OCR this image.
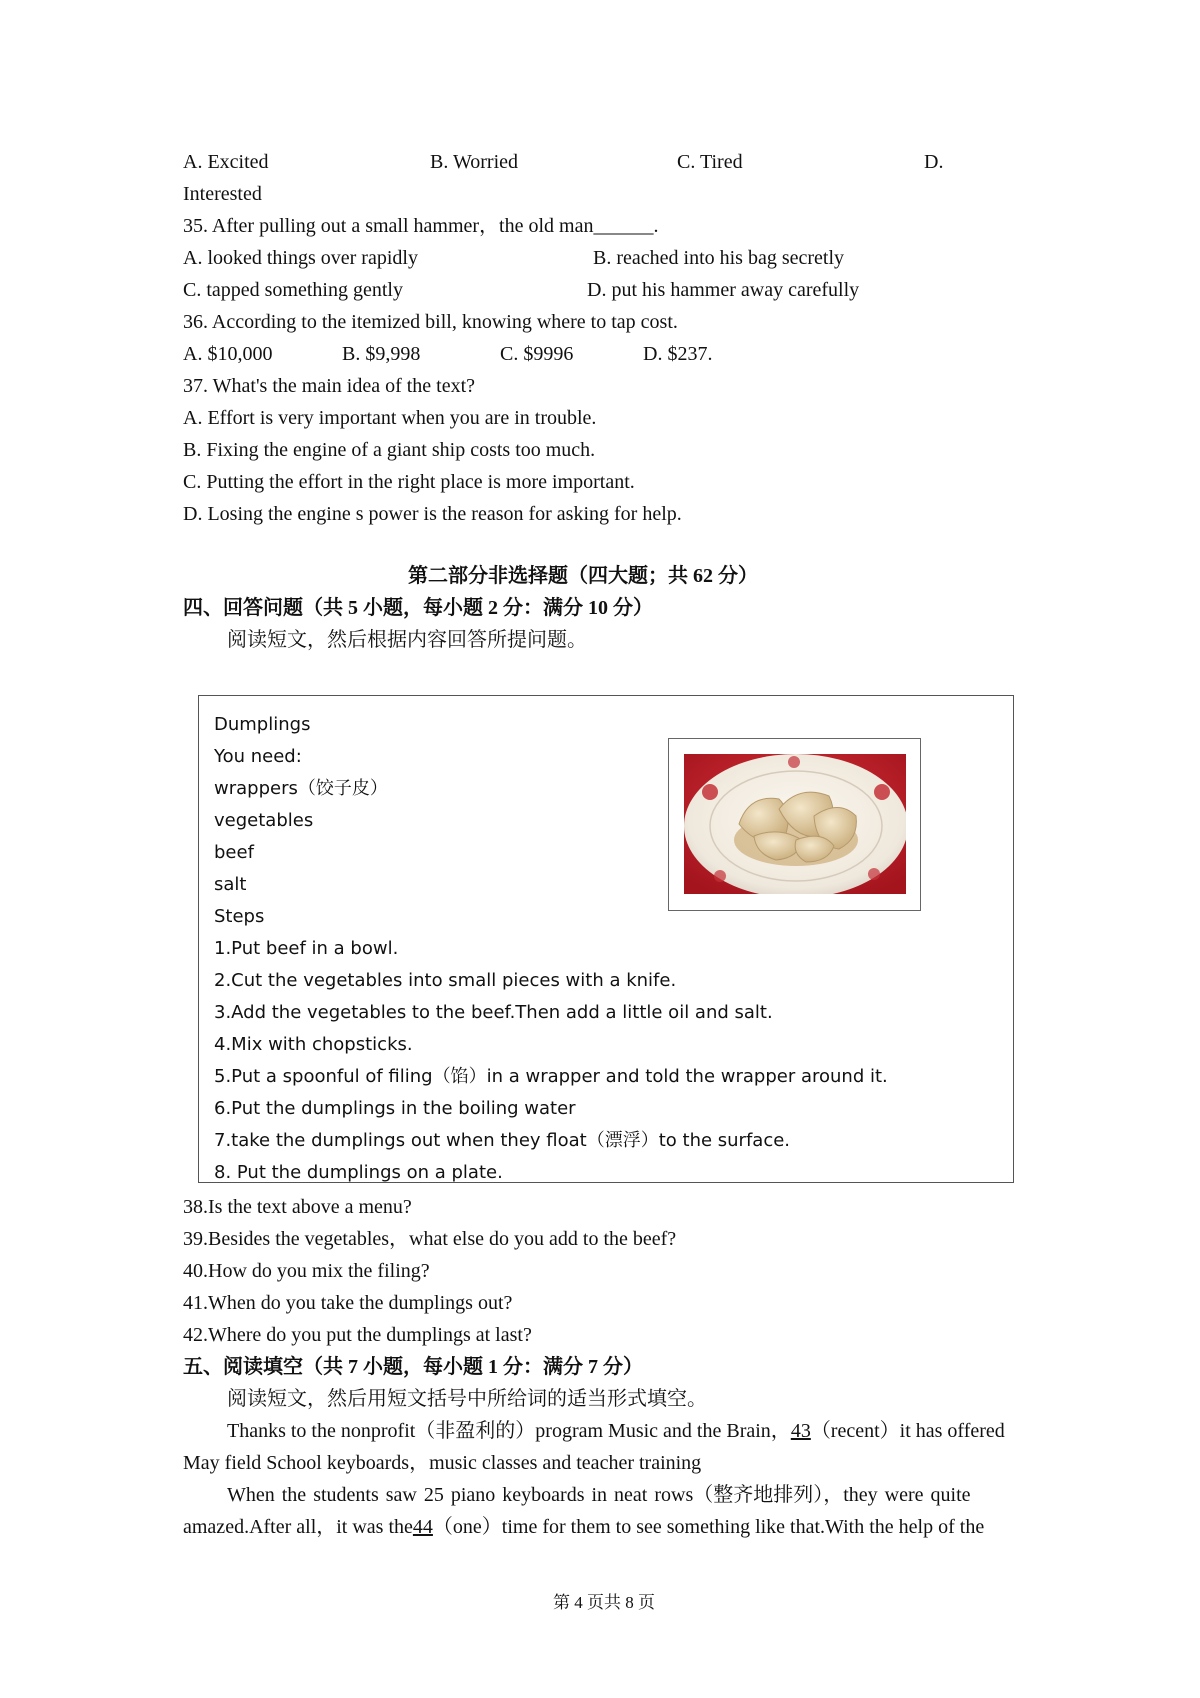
A. Excited	B. Worried	C. Tired	D.
Interested
35. After pulling out a small hammer，the old man______.
A. looked things over rapidly	B. reached into his bag secretly
C. tapped something gently	D. put his hammer away carefully
36. According to the itemized bill, knowing where to tap cost.
A. $10,000	B. $9,998	C. $9996	D. $237.
37. What's the main idea of the text?
A. Effort is very important when you are in trouble.
B. Fixing the engine of a giant ship costs too much.
C. Putting the effort in the right place is more important.
D. Losing the engine s power is the reason for asking for help.
第二部分非选择题（四大题；共 62 分）
四、回答问题（共 5 小题，每小题 2 分：满分 10 分）
阅读短文，然后根据内容回答所提问题。
Dumplings
You need:
wrappers（饺子皮）
vegetables
beef
salt
Steps
1.Put beef in a bowl.
2.Cut the vegetables into small pieces with a knife.
3.Add the vegetables to the beef.Then add a little oil and salt.
4.Mix with chopsticks.
5.Put a spoonful of filing（馅）in a wrapper and told the wrapper around it.
6.Put the dumplings in the boiling water
7.take the dumplings out when they float（漂浮）to the surface.
8. Put the dumplings on a plate.
38.Is the text above a menu?
39.Besides the vegetables，what else do you add to the beef?
40.How do you mix the filing?
41.When do you take the dumplings out?
42.Where do you put the dumplings at last?
五、阅读填空（共 7 小题，每小题 1 分：满分 7 分）
阅读短文，然后用短文括号中所给词的适当形式填空。
Thanks to the nonprofit（非盈利的）program Music and the Brain，43（recent）it has offered
May field School keyboards，music classes and teacher training
When the students saw 25 piano keyboards in neat rows（整齐地排列），they were quite
amazed.After all，it was the44（one）time for them to see something like that.With the help of the
第 4 页共 8 页
